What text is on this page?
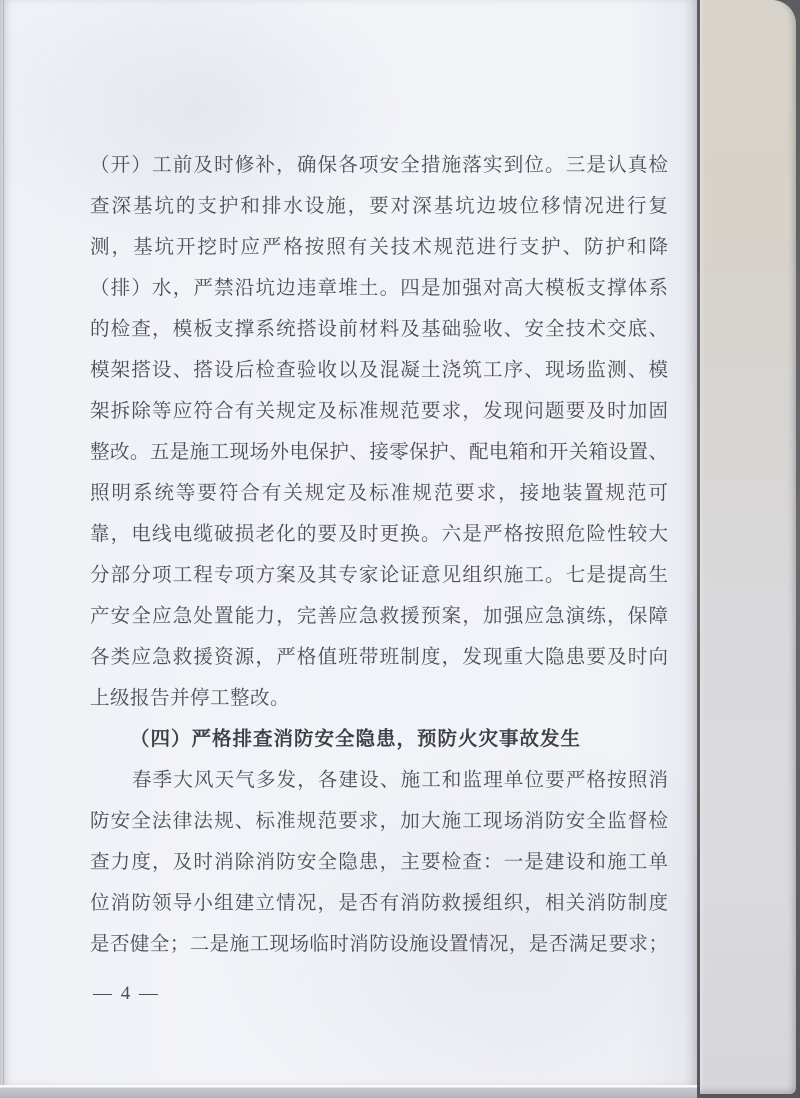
（开）工前及时修补，确保各项安全措施落实到位。三是认真检
查深基坑的支护和排水设施，要对深基坑边坡位移情况进行复
测，基坑开挖时应严格按照有关技术规范进行支护、防护和降
（排）水，严禁沿坑边违章堆土。四是加强对高大模板支撑体系
的检查，模板支撑系统搭设前材料及基础验收、安全技术交底、
模架搭设、搭设后检查验收以及混凝土浇筑工序、现场监测、模
架拆除等应符合有关规定及标准规范要求，发现问题要及时加固
整改。五是施工现场外电保护、接零保护、配电箱和开关箱设置、
照明系统等要符合有关规定及标准规范要求，接地装置规范可
靠，电线电缆破损老化的要及时更换。六是严格按照危险性较大
分部分项工程专项方案及其专家论证意见组织施工。七是提高生
产安全应急处置能力，完善应急救援预案，加强应急演练，保障
各类应急救援资源，严格值班带班制度，发现重大隐患要及时向
上级报告并停工整改。
（四）严格排查消防安全隐患，预防火灾事故发生
春季大风天气多发，各建设、施工和监理单位要严格按照消
防安全法律法规、标准规范要求，加大施工现场消防安全监督检
查力度，及时消除消防安全隐患，主要检查：一是建设和施工单
位消防领导小组建立情况，是否有消防救援组织，相关消防制度
是否健全；二是施工现场临时消防设施设置情况，是否满足要求；
— 4 —
